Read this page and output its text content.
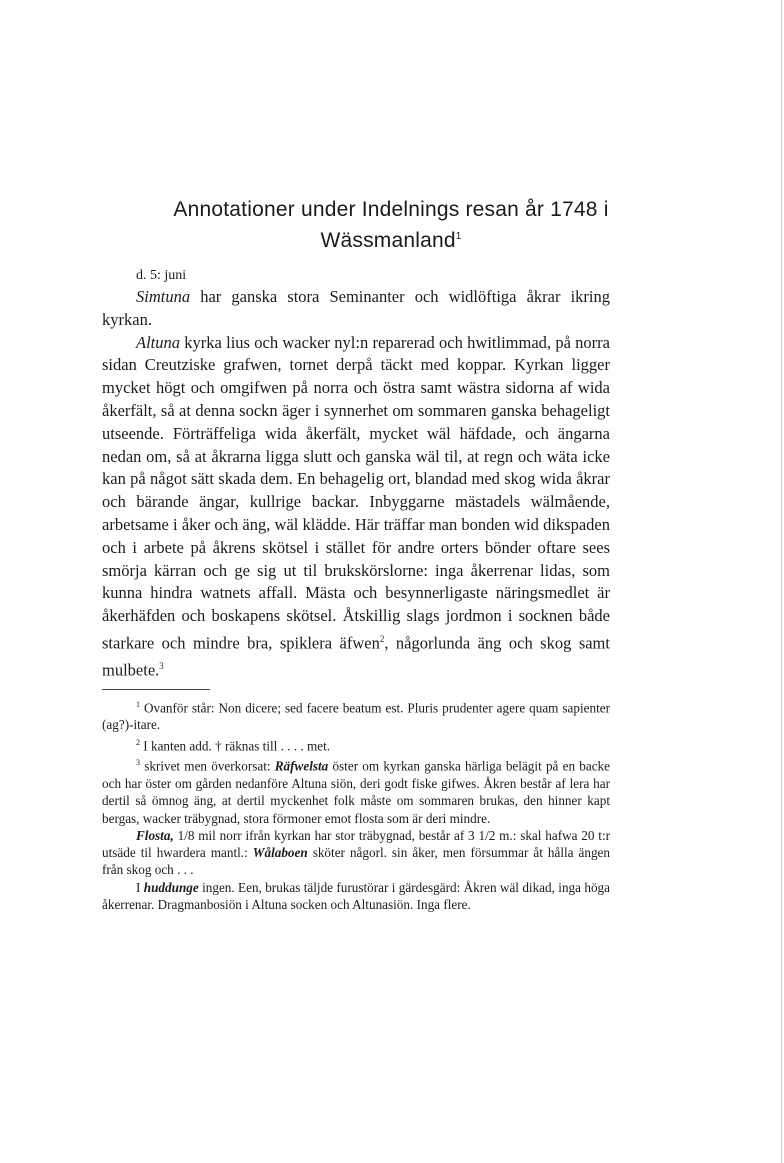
Annotationer under Indelnings resan år 1748 i
Wässmanland$^1$
d. 5: juni

Simtuna har ganska stora Seminanter och widlöftiga åkrar ikring kyrkan.

Altuna kyrka lius och wacker nyl:n reparerad och hwitlimmad, på norra sidan Creutziske grafwen, tornet derpå täckt med koppar. Kyrkan ligger mycket högt och omgifwen på norra och östra samt wästra sidorna af wida åkerfält, så at denna sockn äger i synnerhet om sommaren ganska behageligt utseende. Förträffeliga wida åkerfält, mycket wäl häfdade, och ängarna nedan om, så at åkrarna ligga slutt och ganska wäl til, at regn och wäta icke kan på något sätt skada dem. En behagelig ort, blandad med skog wida åkrar och bärande ängar, kullrige backar. Inbyggarne mästadels wälmående, arbetsame i åker och äng, wäl klädde. Här träffar man bonden wid dikspaden och i arbete på åkrens skötsel i stället för andre orters bönder oftare sees smörja kärran och ge sig ut til brukskörslorne: inga åkerrenar lidas, som kunna hindra watnets affall. Mästa och besynnerligaste näringsmedlet är åkerhäfden och boskapens skötsel. Åtskillig slags jordmon i socknen både starkare och mindre bra, spiklera äfwen$^2$, någorlunda äng och skog samt mulbete.$^3$

$^1$ Ovanför står: Non dicere; sed facere beatum est. Pluris prudenter agere quam sapienter (ag?)-itare.

$^2$ I kanten add. † räknas till . . . . met.

$^3$ skrivet men överkorsat: Räfwelsta öster om kyrkan ganska härliga belägit på en backe och har öster om gården nedanföre Altuna siön, deri godt fiske gifwes. Åkren består af lera har dertil så ömnog äng, at dertil myckenhet folk måste om sommaren brukas, den hinner kapt bergas, wacker träbygnad, stora förmoner emot flosta som är deri mindre.

Flosta, 1/8 mil norr ifrån kyrkan har stor träbygnad, består af 3 1/2 m.: skal hafwa 20 t:r utsäde til hwardera mantl.: Wålaboen sköter någorl. sin åker, men försummar åt hålla ängen från skog och . . .

I huddunge ingen. Een, brukas täljde furustörar i gärdesgärd: Åkren wäl dikad, inga höga åkerrenar. Dragmanbosiön i Altuna socken och Altunasiön. Inga flere.
